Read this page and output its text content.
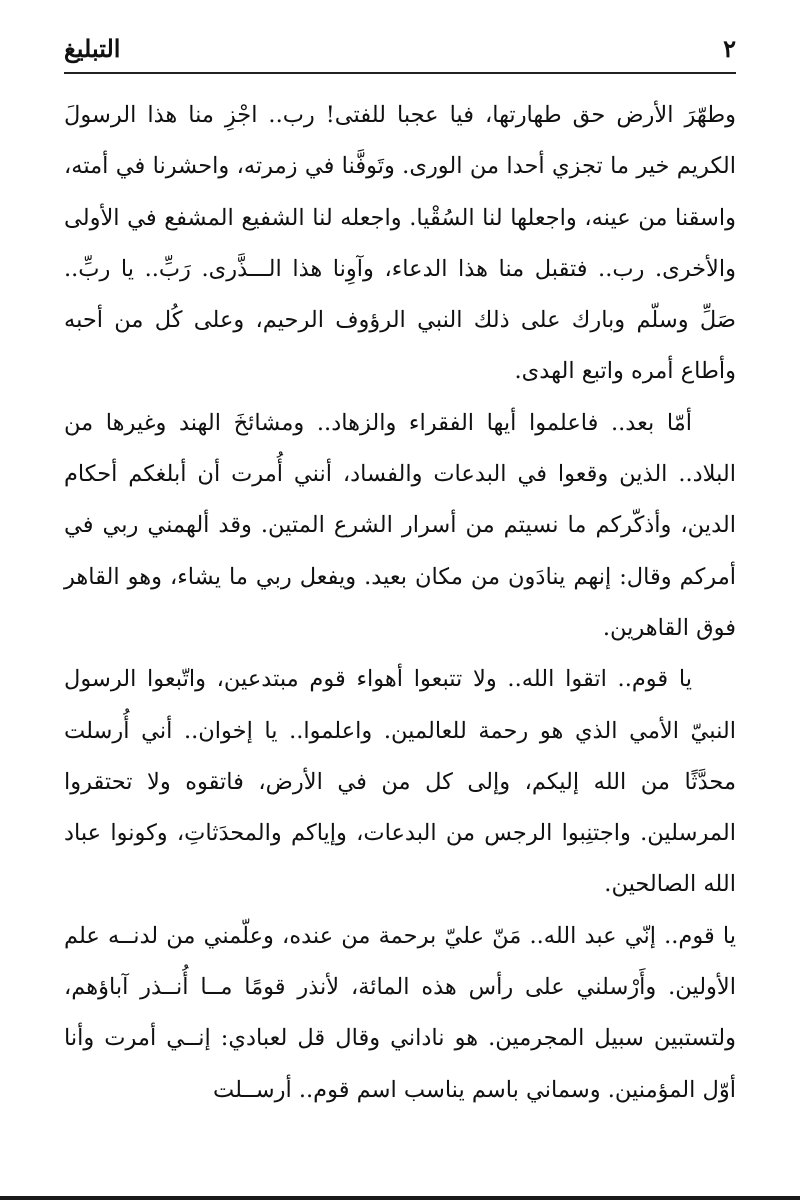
٢
التبليغ

وطهّرَ الأرض حق طهارتها، فيا عجبا للفتى! رب.. اجْزِ منا هذا الرسولَ الكريم خير ما تجزي أحدا من الورى. وتَوفَّنا في زمرته، واحشرنا في أمته، واسقنا من عينه، واجعلها لنا السُقْيا. واجعله لنا الشفيع المشفع في الأولى والأخرى. رب.. فتقبل منا هذا الدعاء، وآوِنا هذا الـــذَّرى. رَبِّ.. يا ربِّ.. صَلِّ وسلّم وبارك على ذلك النبي الرؤوف الرحيم، وعلى كُل من أحبه وأطاع أمره واتبع الهدى.

أمّا بعد.. فاعلموا أيها الفقراء والزهاد.. ومشائخَ الهند وغيرها من البلاد.. الذين وقعوا في البدعات والفساد، أنني أُمرت أن أبلغكم أحكام الدين، وأذكّركم ما نسيتم من أسرار الشرع المتين. وقد ألهمني ربي في أمركم وقال: إنهم ينادَون من مكان بعيد. ويفعل ربي ما يشاء، وهو القاهر فوق القاهرين.

يا قوم.. اتقوا الله.. ولا تتبعوا أهواء قوم مبتدعين، واتّبعوا الرسول النبيّ الأمي الذي هو رحمة للعالمين. واعلموا.. يا إخوان.. أني أُرسلت محدَّثًا من الله إليكم، وإلى كل من في الأرض، فاتقوه ولا تحتقروا المرسلين. واجتنِبوا الرجس من البدعات، وإياكم والمحدَثاتِ، وكونوا عباد الله الصالحين.

يا قوم.. إنّي عبد الله.. مَنّ عليّ برحمة من عنده، وعلّمني من لدنــه علم الأولين. وأَرْسلني على رأس هذه المائة، لأنذر قومًا مــا أُنــذر آباؤهم، ولتستبين سبيل المجرمين. هو ناداني وقال قل لعبادي: إنــي أمرت وأنا أوّل المؤمنين. وسماني باسم يناسب اسم قوم.. أرســلت
